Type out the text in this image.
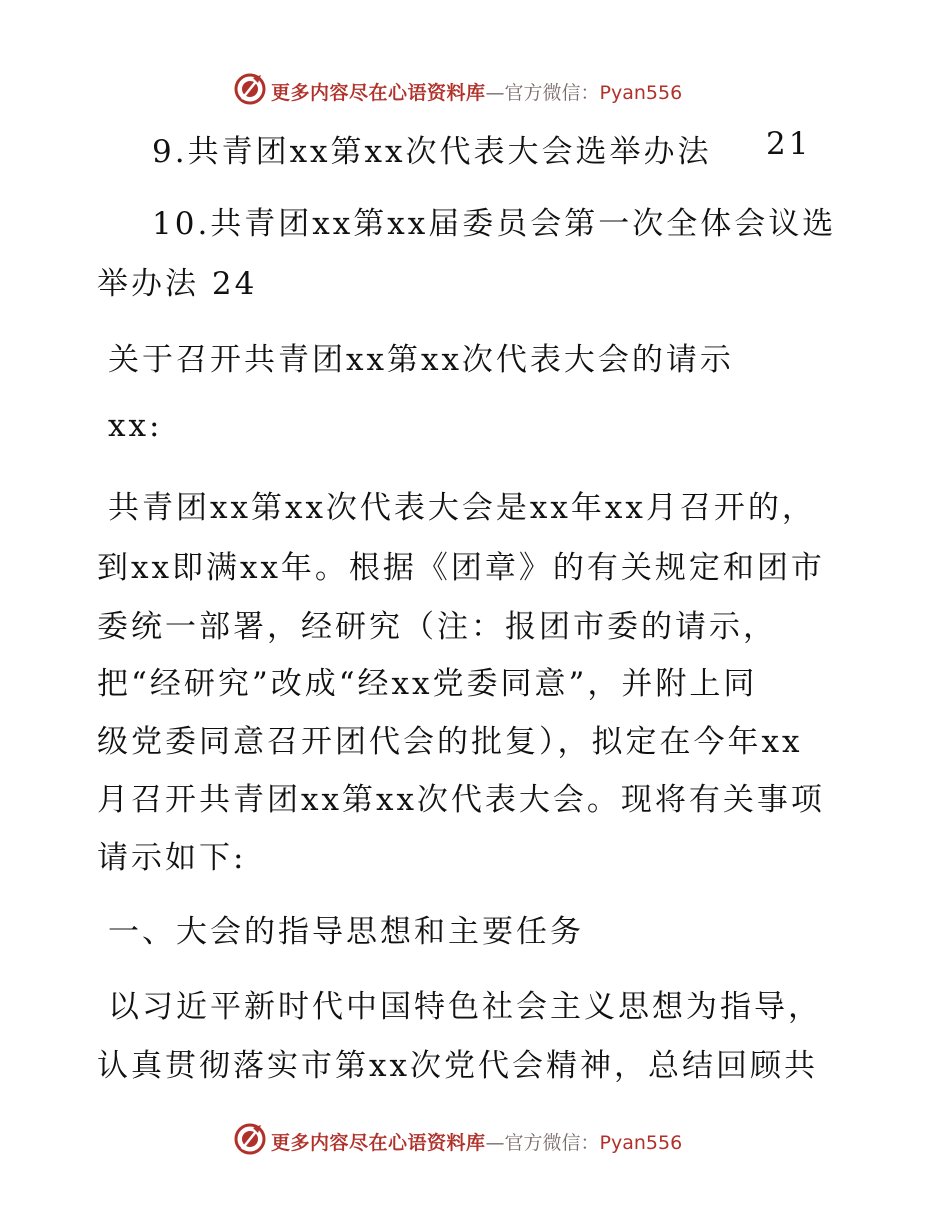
更多内容尽在心语资料库—官方微信：Pyan556
9.共青团xx第xx次代表大会选举办法 21
10.共青团xx第xx届委员会第一次全体会议选
举办法 24
关于召开共青团xx第xx次代表大会的请示
xx:
共青团xx第xx次代表大会是xx年xx月召开的，
到xx即满xx年。根据《团章》的有关规定和团市
委统一部署，经研究（注：报团市委的请示，
把“经研究”改成“经xx党委同意”，并附上同
级党委同意召开团代会的批复），拟定在今年xx
月召开共青团xx第xx次代表大会。现将有关事项
请示如下:
一、大会的指导思想和主要任务
以习近平新时代中国特色社会主义思想为指导，
认真贯彻落实市第xx次党代会精神，总结回顾共
更多内容尽在心语资料库—官方微信：Pyan556
